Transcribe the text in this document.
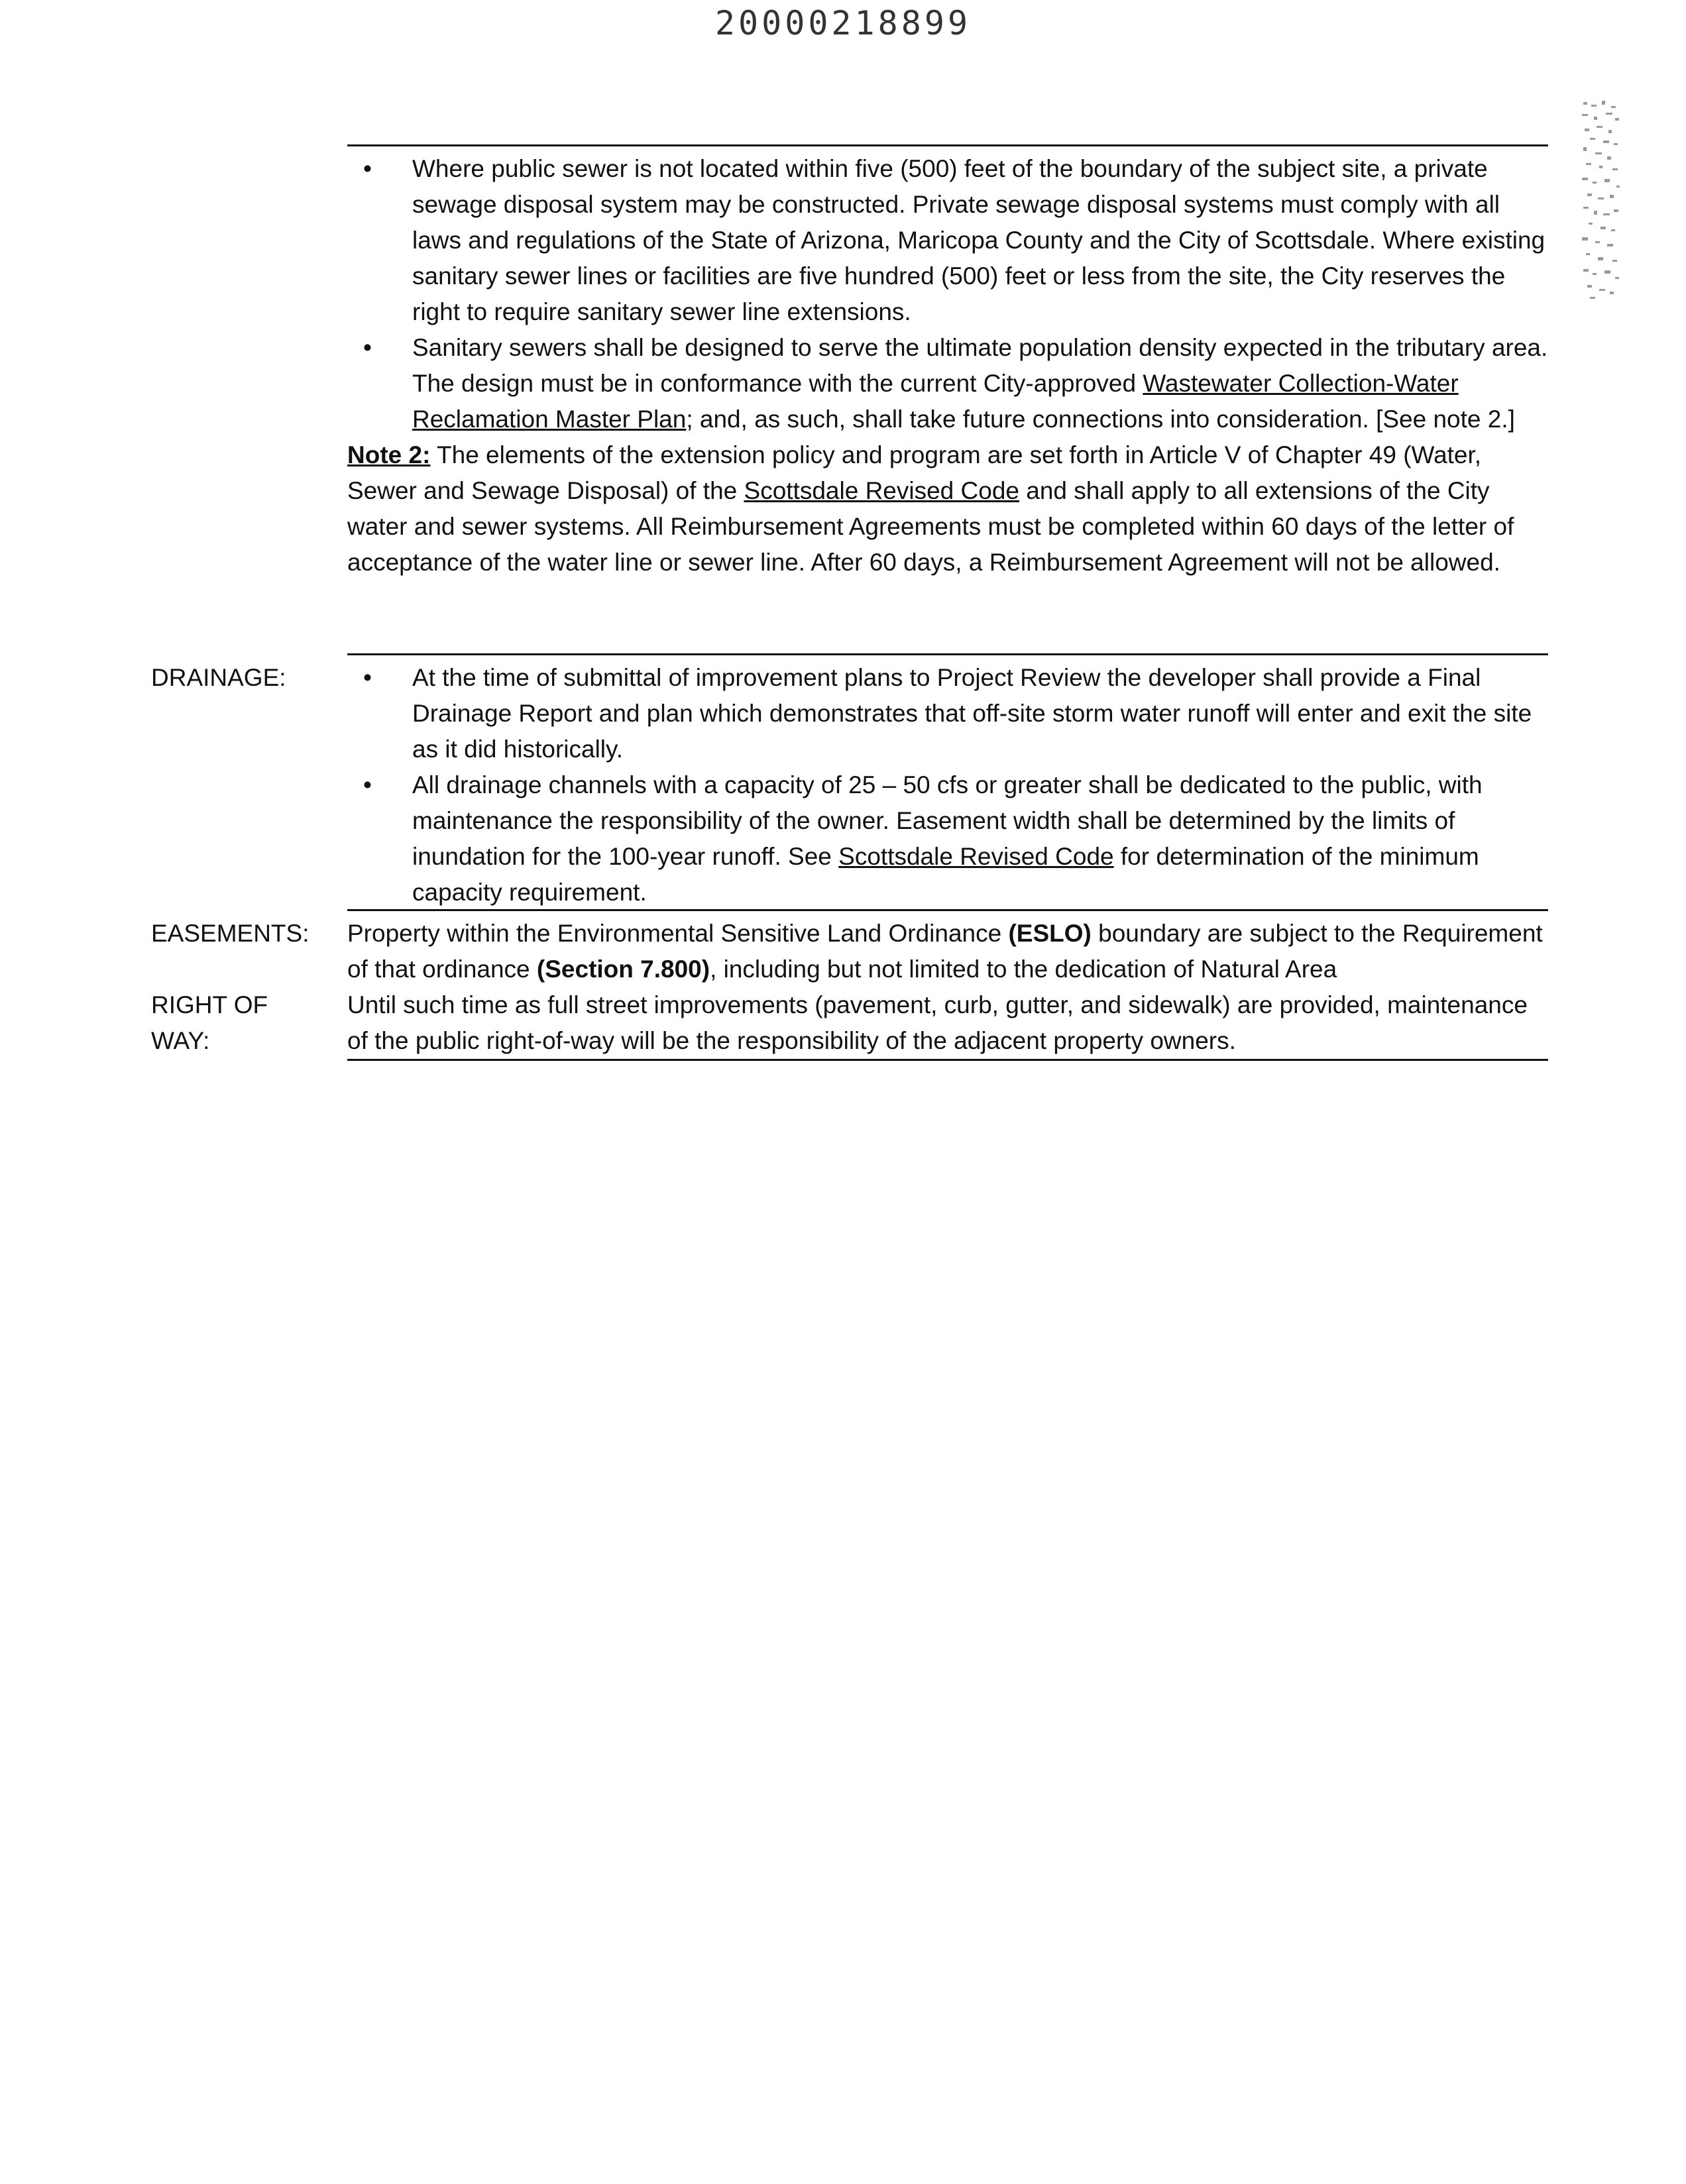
20000218899
•	Where public sewer is not located within five (500) feet of the boundary of the subject site, a private sewage disposal system may be constructed. Private sewage disposal systems must comply with all laws and regulations of the State of Arizona, Maricopa County and the City of Scottsdale. Where existing sanitary sewer lines or facilities are five hundred (500) feet or less from the site, the City reserves the right to require sanitary sewer line extensions.
•	Sanitary sewers shall be designed to serve the ultimate population density expected in the tributary area. The design must be in conformance with the current City-approved Wastewater Collection-Water Reclamation Master Plan; and, as such, shall take future connections into consideration. [See note 2.]

Note 2: The elements of the extension policy and program are set forth in Article V of Chapter 49 (Water, Sewer and Sewage Disposal) of the Scottsdale Revised Code and shall apply to all extensions of the City water and sewer systems. All Reimbursement Agreements must be completed within 60 days of the letter of acceptance of the water line or sewer line. After 60 days, a Reimbursement Agreement will not be allowed.

DRAINAGE:	•	At the time of submittal of improvement plans to Project Review the developer shall provide a Final Drainage Report and plan which demonstrates that off-site storm water runoff will enter and exit the site as it did historically.
•	All drainage channels with a capacity of 25 – 50 cfs or greater shall be dedicated to the public, with maintenance the responsibility of the owner. Easement width shall be determined by the limits of inundation for the 100-year runoff. See Scottsdale Revised Code for determination of the minimum capacity requirement.
EASEMENTS: Property within the Environmental Sensitive Land Ordinance (ESLO) boundary are subject to the Requirement of that ordinance (Section 7.800), including but not limited to the dedication of Natural Area

RIGHT OF
WAY:

Until such time as full street improvements (pavement, curb, gutter, and sidewalk) are provided, maintenance of the public right-of-way will be the responsibility of the adjacent property owners.
